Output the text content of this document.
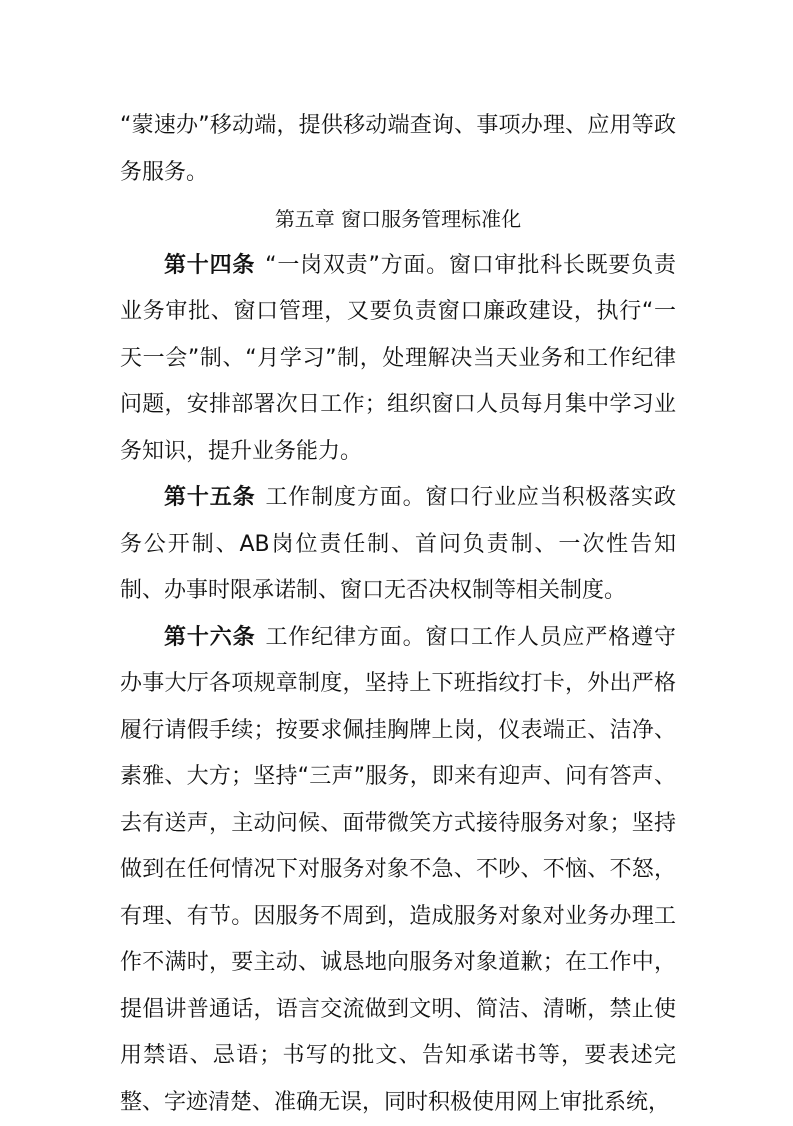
“蒙速办”移动端，提供移动端查询、事项办理、应用等政务服务。

第五章 窗口服务管理标准化

第十四条 “一岗双责”方面。窗口审批科长既要负责业务审批、窗口管理，又要负责窗口廉政建设，执行“一天一会”制、“月学习”制，处理解决当天业务和工作纪律问题，安排部署次日工作；组织窗口人员每月集中学习业务知识，提升业务能力。

第十五条 工作制度方面。窗口行业应当积极落实政务公开制、AB岗位责任制、首问负责制、一次性告知制、办事时限承诺制、窗口无否决权制等相关制度。

第十六条 工作纪律方面。窗口工作人员应严格遵守办事大厅各项规章制度，坚持上下班指纹打卡，外出严格履行请假手续；按要求佩挂胸牌上岗，仪表端正、洁净、素雅、大方；坚持“三声”服务，即来有迎声、问有答声、去有送声，主动问候、面带微笑方式接待服务对象；坚持做到在任何情况下对服务对象不急、不吵、不恼、不怒，有理、有节。因服务不周到，造成服务对象对业务办理工作不满时，要主动、诚恳地向服务对象道歉；在工作中，提倡讲普通话，语言交流做到文明、简洁、清晰，禁止使用禁语、忌语；书写的批文、告知承诺书等，要表述完整、字迹清楚、准确无误，同时积极使用网上审批系统，
